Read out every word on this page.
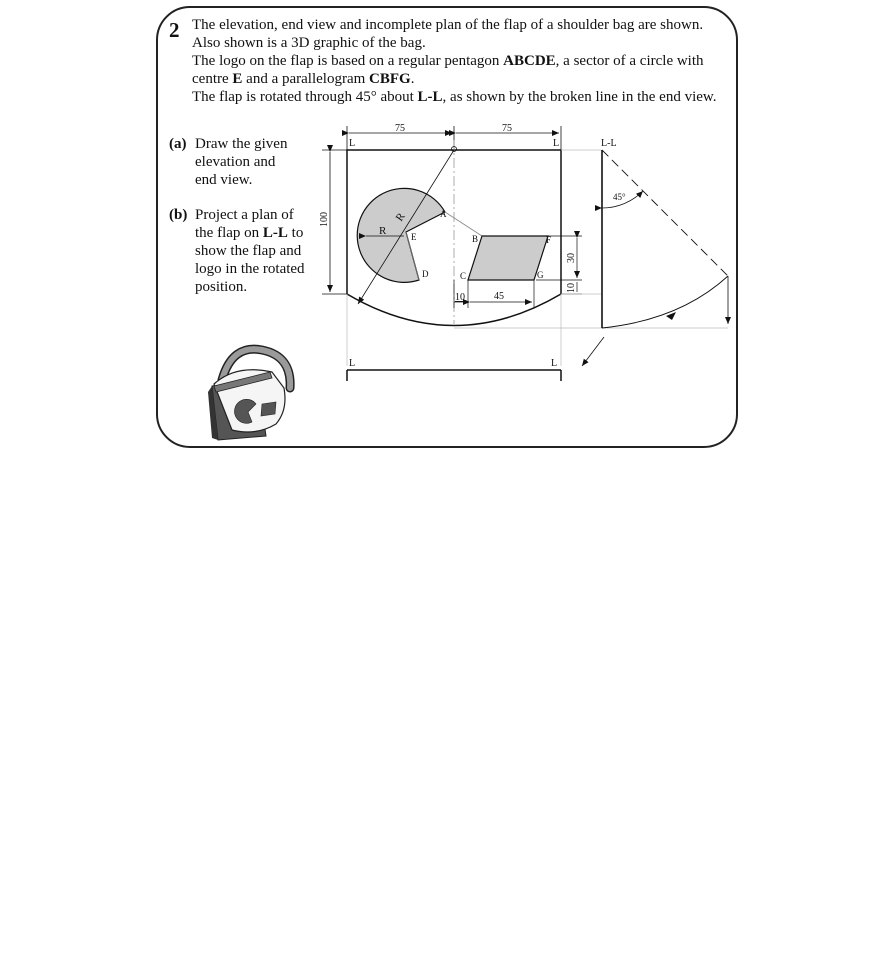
2 The elevation, end view and incomplete plan of the flap of a shoulder bag are shown.

Also shown is a 3D graphic of the bag.

The logo on the flap is based on a regular pentagon ABCDE, a sector of a circle with

centre E and a parallelogram CBFG.

The flap is rotated through 45° about L-L, as shown by the broken line in the end view.

(a) Draw the given
elevation and
end view.
(b) Project a plan of
the flap on L-L to
show the flap and
logo in the rotated
position.
75	75
L	L
100	R
R
A
B
C
D
E	F
G
30
10
10	45
L-L
45°
L	L
